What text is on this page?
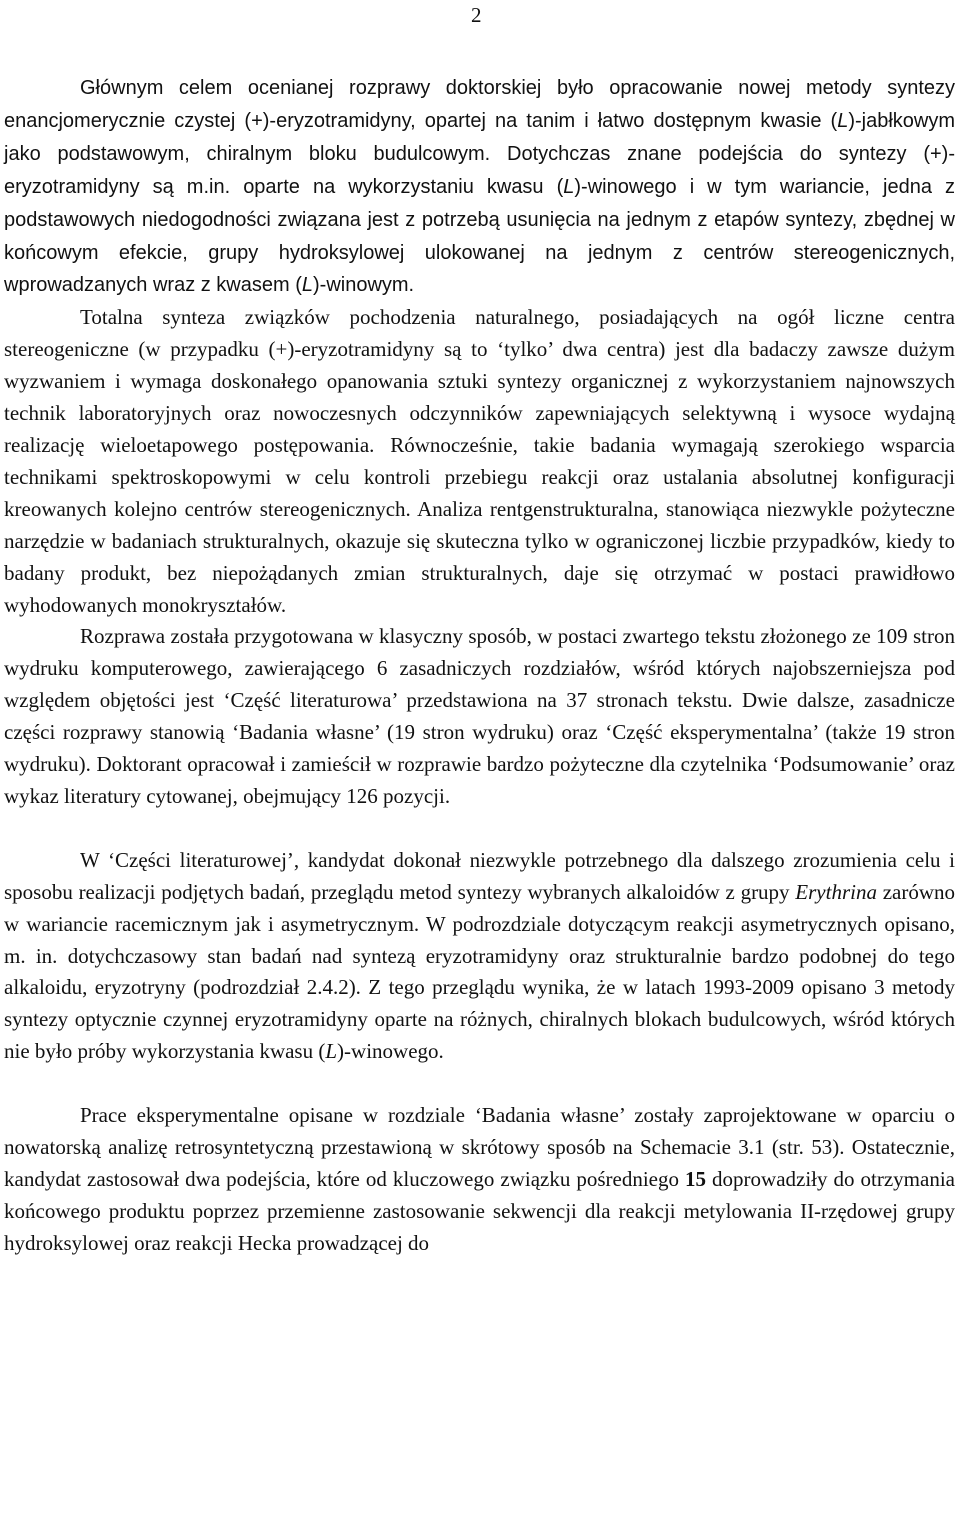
2

Głównym celem ocenianej rozprawy doktorskiej było opracowanie nowej metody syntezy enancjomerycznie czystej (+)-eryzotramidyny, opartej na tanim i łatwo dostępnym kwasie (L)-jabłkowym jako podstawowym, chiralnym bloku budulcowym. Dotychczas znane podejścia do syntezy (+)-eryzotramidyny są m.in. oparte na wykorzystaniu kwasu (L)-winowego i w tym wariancie, jedna z podstawowych niedogodności związana jest z potrzebą usunięcia na jednym z etapów syntezy, zbędnej w końcowym efekcie, grupy hydroksylowej ulokowanej na jednym z centrów stereogenicznych, wprowadzanych wraz z kwasem (L)-winowym.

Totalna synteza związków pochodzenia naturalnego, posiadających na ogół liczne centra stereogeniczne (w przypadku (+)-eryzotramidyny są to ‘tylko’ dwa centra) jest dla badaczy zawsze dużym wyzwaniem i wymaga doskonałego opanowania sztuki syntezy organicznej z wykorzystaniem najnowszych technik laboratoryjnych oraz nowoczesnych odczynników zapewniających selektywną i wysoce wydajną realizację wieloetapowego postępowania. Równocześnie, takie badania wymagają szerokiego wsparcia technikami spektroskopowymi w celu kontroli przebiegu reakcji oraz ustalania absolutnej konfiguracji kreowanych kolejno centrów stereogenicznych. Analiza rentgenstrukturalna, stanowiąca niezwykle pożyteczne narzędzie w badaniach strukturalnych, okazuje się skuteczna tylko w ograniczonej liczbie przypadków, kiedy to badany produkt, bez niepożądanych zmian strukturalnych, daje się otrzymać w postaci prawidłowo wyhodowanych monokryształów.

Rozprawa została przygotowana w klasyczny sposób, w postaci zwartego tekstu złożonego ze 109 stron wydruku komputerowego, zawierającego 6 zasadniczych rozdziałów, wśród których najobszerniejsza pod względem objętości jest ‘Część literaturowa’ przedstawiona na 37 stronach tekstu. Dwie dalsze, zasadnicze części rozprawy stanowią ‘Badania własne’ (19 stron wydruku) oraz ‘Część eksperymentalna’ (także 19 stron wydruku). Doktorant opracował i zamieścił w rozprawie bardzo pożyteczne dla czytelnika ‘Podsumowanie’ oraz wykaz literatury cytowanej, obejmujący 126 pozycji.

W ‘Części literaturowej’, kandydat dokonał niezwykle potrzebnego dla dalszego zrozumienia celu i sposobu realizacji podjętych badań, przeglądu metod syntezy wybranych alkaloidów z grupy Erythrina zarówno w wariancie racemicznym jak i asymetrycznym. W podrozdziale dotyczącym reakcji asymetrycznych opisano, m. in. dotychczasowy stan badań nad syntezą eryzotramidyny oraz strukturalnie bardzo podobnej do tego alkaloidu, eryzotryny (podrozdział 2.4.2). Z tego przeglądu wynika, że w latach 1993-2009 opisano 3 metody syntezy optycznie czynnej eryzotramidyny oparte na różnych, chiralnych blokach budulcowych, wśród których nie było próby wykorzystania kwasu (L)-winowego.

Prace eksperymentalne opisane w rozdziale ‘Badania własne’ zostały zaprojektowane w oparciu o nowatorską analizę retrosyntetyczną przestawioną w skrótowy sposób na Schemacie 3.1 (str. 53). Ostatecznie, kandydat zastosował dwa podejścia, które od kluczowego związku pośredniego 15 doprowadziły do otrzymania końcowego produktu poprzez przemienne zastosowanie sekwencji dla reakcji metylowania II-rzędowej grupy hydroksylowej oraz reakcji Hecka prowadzącej do
